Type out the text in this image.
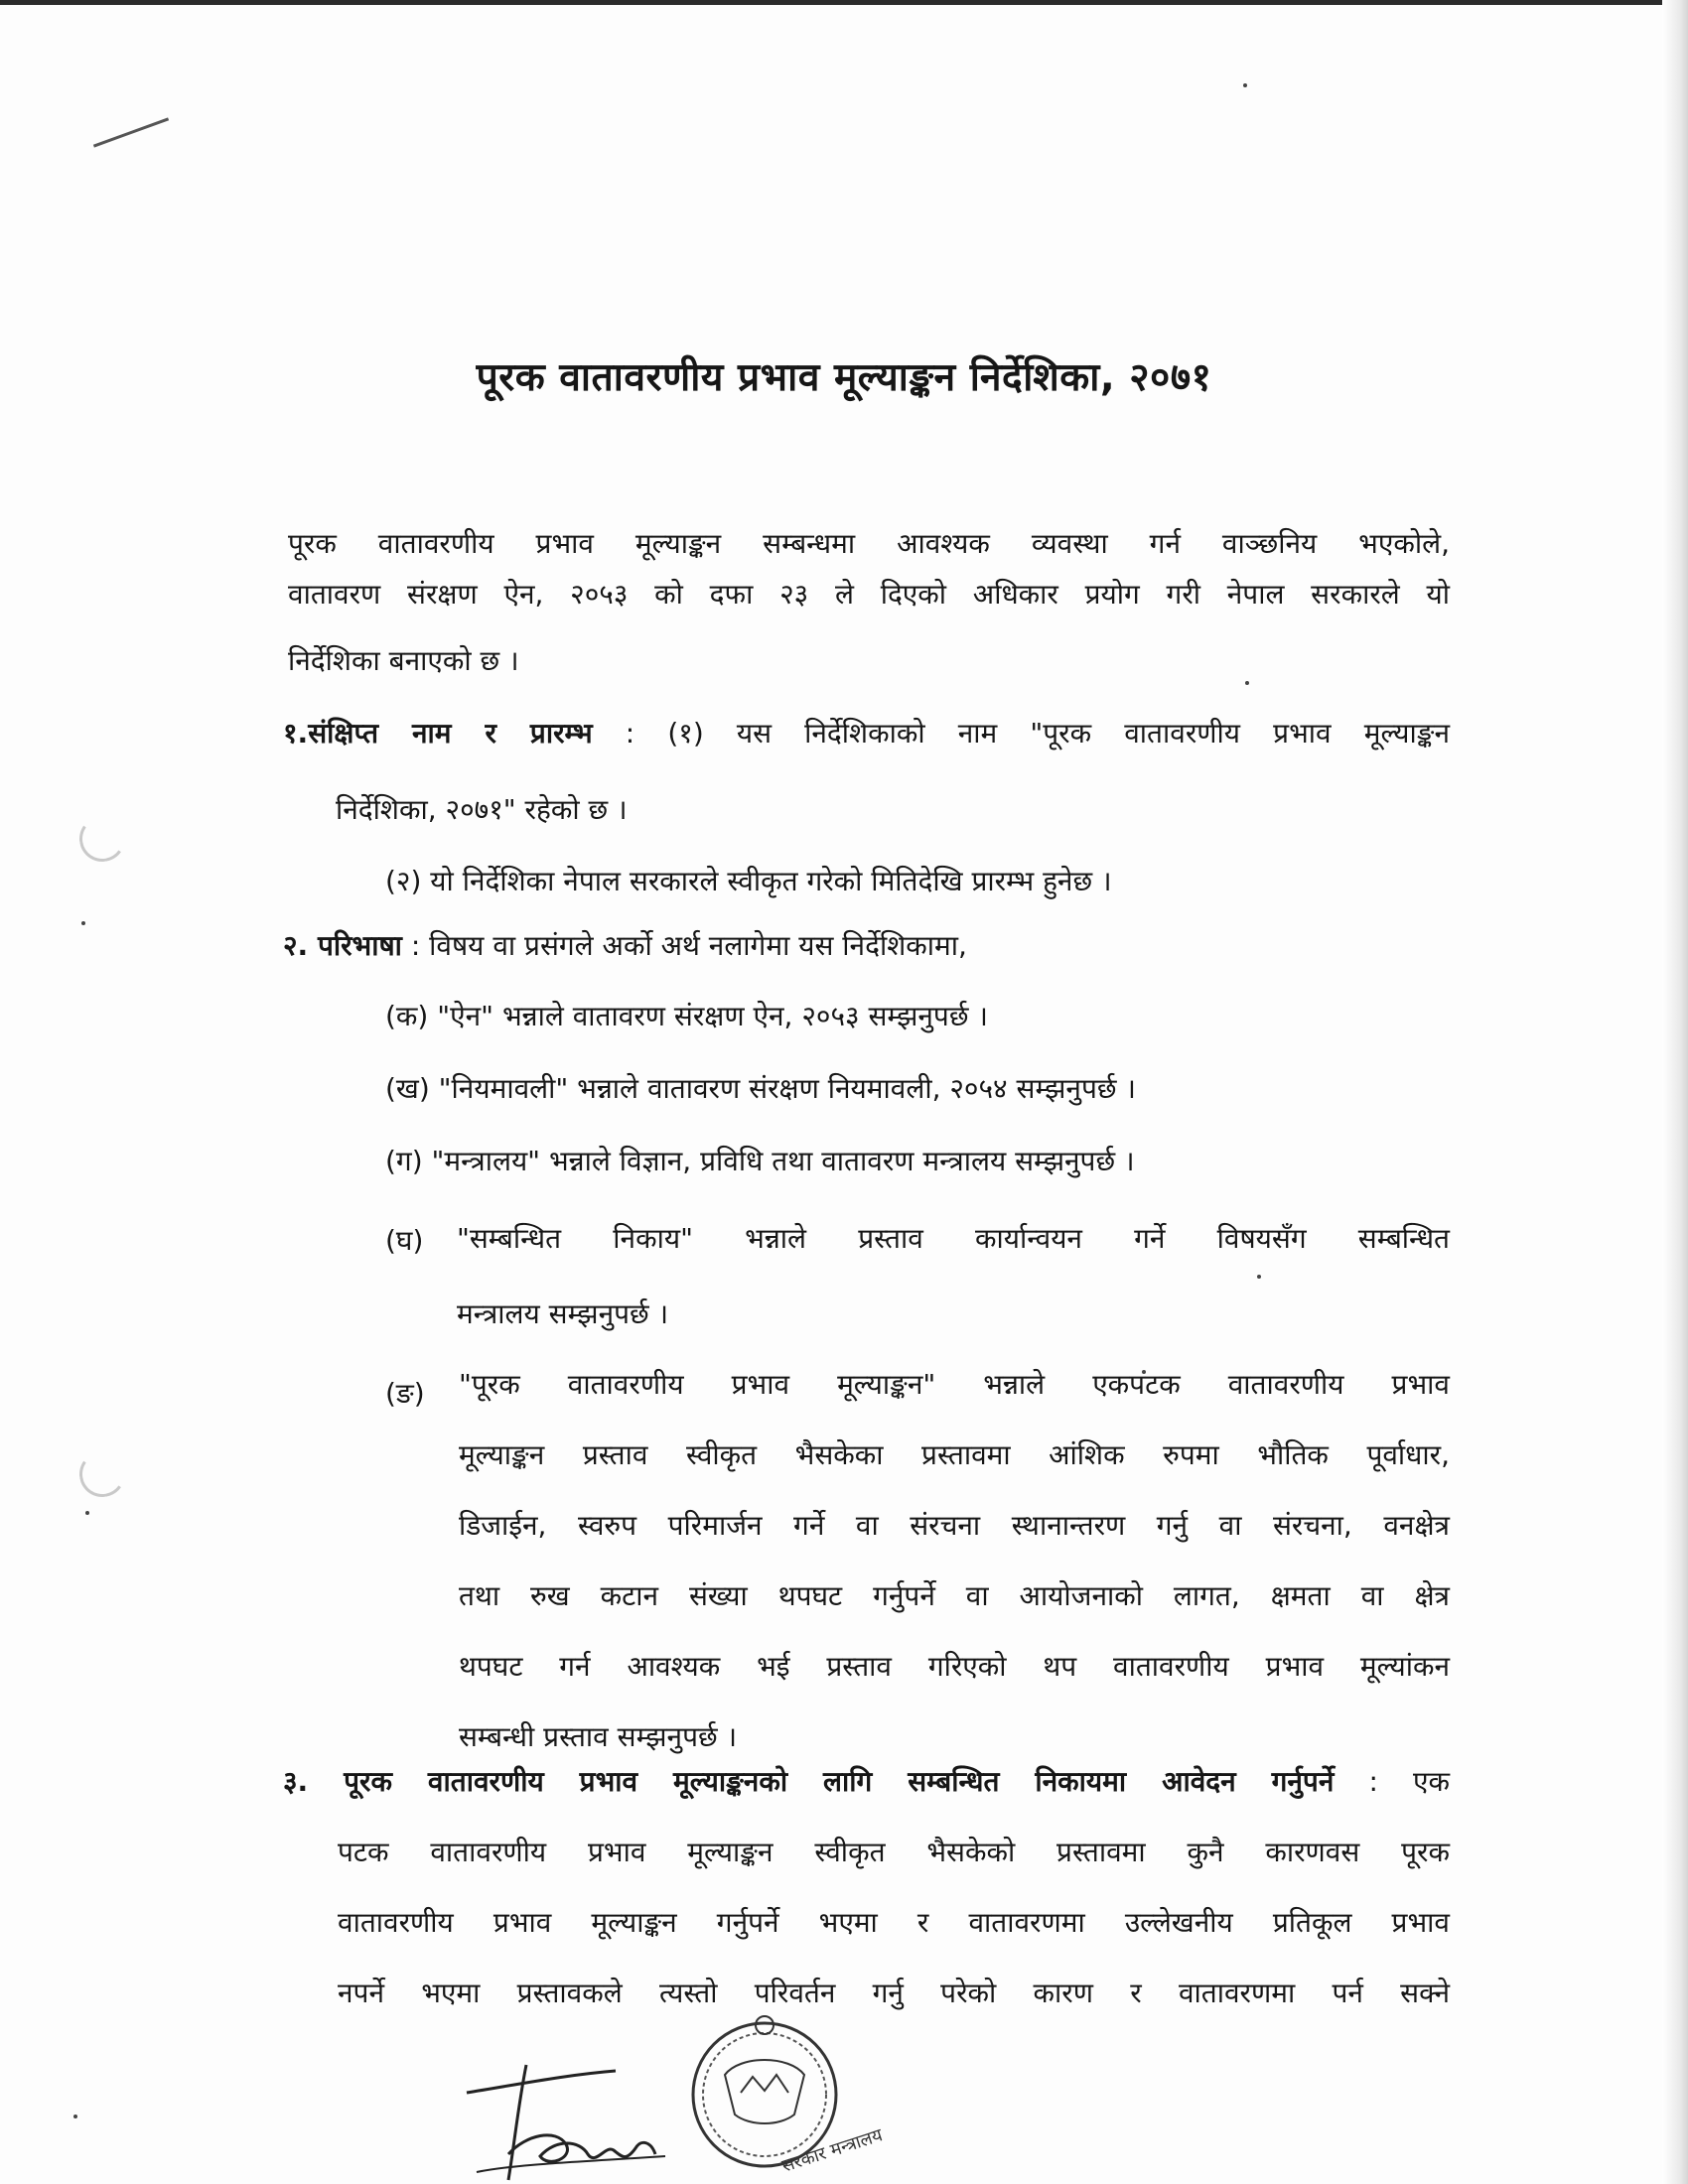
पूरक वातावरणीय प्रभाव मूल्याङ्कन निर्देशिका, २०७१
पूरक वातावरणीय प्रभाव मूल्याङ्कन सम्बन्धमा आवश्यक व्यवस्था गर्न वाञ्छनिय भएकोले,
वातावरण संरक्षण ऐन, २०५३ को दफा २३ ले दिएको अधिकार प्रयोग गरी नेपाल सरकारले यो
निर्देशिका बनाएको छ ।
१.संक्षिप्त नाम र प्रारम्भ : (१) यस निर्देशिकाको नाम "पूरक वातावरणीय प्रभाव मूल्याङ्कन
निर्देशिका, २०७१" रहेको छ ।
(२) यो निर्देशिका नेपाल सरकारले स्वीकृत गरेको मितिदेखि प्रारम्भ हुनेछ ।
२. परिभाषा : विषय वा प्रसंगले अर्को अर्थ नलागेमा यस निर्देशिकामा,
(क) "ऐन" भन्नाले वातावरण संरक्षण ऐन, २०५३ सम्झनुपर्छ ।
(ख) "नियमावली" भन्नाले वातावरण संरक्षण नियमावली, २०५४ सम्झनुपर्छ ।
(ग) "मन्त्रालय" भन्नाले विज्ञान, प्रविधि तथा वातावरण मन्त्रालय सम्झनुपर्छ ।
(घ) "सम्बन्धित निकाय" भन्नाले प्रस्ताव कार्यान्वयन गर्ने विषयसँग सम्बन्धित
मन्त्रालय सम्झनुपर्छ ।
(ङ) "पूरक वातावरणीय प्रभाव मूल्याङ्कन" भन्नाले एकपटक वातावरणीय प्रभाव
मूल्याङ्कन प्रस्ताव स्वीकृत भैसकेका प्रस्तावमा आंशिक रुपमा भौतिक पूर्वाधार,
डिजाईन, स्वरुप परिमार्जन गर्ने वा संरचना स्थानान्तरण गर्नु वा संरचना, वनक्षेत्र
तथा रुख कटान संख्या थपघट गर्नुपर्ने वा आयोजनाको लागत, क्षमता वा क्षेत्र
थपघट गर्न आवश्यक भई प्रस्ताव गरिएको थप वातावरणीय प्रभाव मूल्यांकन
सम्बन्धी प्रस्ताव सम्झनुपर्छ ।
३. पूरक वातावरणीय प्रभाव मूल्याङ्कनको लागि सम्बन्धित निकायमा आवेदन गर्नुपर्ने : एक
पटक वातावरणीय प्रभाव मूल्याङ्कन स्वीकृत भैसकेको प्रस्तावमा कुनै कारणवस पूरक
वातावरणीय प्रभाव मूल्याङ्कन गर्नुपर्ने भएमा र वातावरणमा उल्लेखनीय प्रतिकूल प्रभाव
नपर्ने भएमा प्रस्तावकले त्यस्तो परिवर्तन गर्नु परेको कारण र वातावरणमा पर्न सक्ने
सरकार मन्त्रालय
